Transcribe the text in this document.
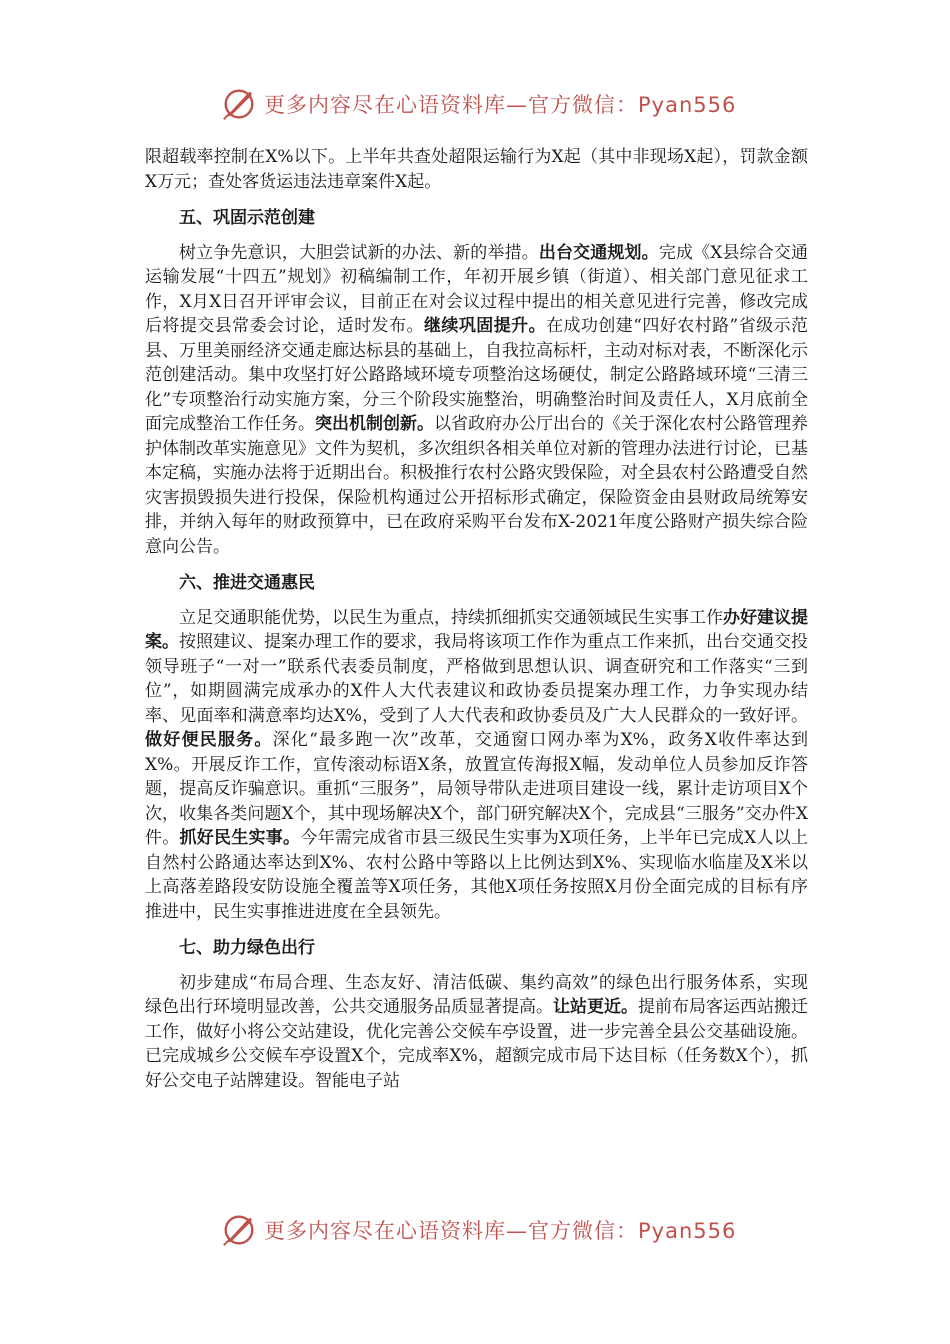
更多内容尽在心语资料库—官方微信：Pyan556

限超载率控制在X%以下。上半年共查处超限运输行为X起（其中非现场X起），罚款金额X万元；查处客货运违法违章案件X起。

五、巩固示范创建

树立争先意识，大胆尝试新的办法、新的举措。出台交通规划。完成《X县综合交通运输发展“十四五”规划》初稿编制工作，年初开展乡镇（街道）、相关部门意见征求工作，X月X日召开评审会议，目前正在对会议过程中提出的相关意见进行完善，修改完成后将提交县常委会讨论，适时发布。继续巩固提升。在成功创建“四好农村路”省级示范县、万里美丽经济交通走廊达标县的基础上，自我拉高标杆，主动对标对表，不断深化示范创建活动。集中攻坚打好公路路域环境专项整治这场硬仗，制定公路路域环境“三清三化”专项整治行动实施方案，分三个阶段实施整治，明确整治时间及责任人，X月底前全面完成整治工作任务。突出机制创新。以省政府办公厅出台的《关于深化农村公路管理养护体制改革实施意见》文件为契机，多次组织各相关单位对新的管理办法进行讨论，已基本定稿，实施办法将于近期出台。积极推行农村公路灾毁保险，对全县农村公路遭受自然灾害损毁损失进行投保，保险机构通过公开招标形式确定，保险资金由县财政局统筹安排，并纳入每年的财政预算中，已在政府采购平台发布X-2021年度公路财产损失综合险意向公告。

六、推进交通惠民

立足交通职能优势，以民生为重点，持续抓细抓实交通领域民生实事工作办好建议提案。按照建议、提案办理工作的要求，我局将该项工作作为重点工作来抓，出台交通交投领导班子“一对一”联系代表委员制度，严格做到思想认识、调查研究和工作落实“三到位”，如期圆满完成承办的X件人大代表建议和政协委员提案办理工作，力争实现办结率、见面率和满意率均达X%，受到了人大代表和政协委员及广大人民群众的一致好评。做好便民服务。深化“最多跑一次”改革，交通窗口网办率为X%，政务X收件率达到X%。开展反诈工作，宣传滚动标语X条，放置宣传海报X幅，发动单位人员参加反诈答题，提高反诈骗意识。重抓“三服务”，局领导带队走进项目建设一线，累计走访项目X个次，收集各类问题X个，其中现场解决X个，部门研究解决X个，完成县“三服务”交办件X件。抓好民生实事。今年需完成省市县三级民生实事为X项任务，上半年已完成X人以上自然村公路通达率达到X%、农村公路中等路以上比例达到X%、实现临水临崖及X米以上高落差路段安防设施全覆盖等X项任务，其他X项任务按照X月份全面完成的目标有序推进中，民生实事推进进度在全县领先。

七、助力绿色出行

初步建成“布局合理、生态友好、清洁低碳、集约高效”的绿色出行服务体系，实现绿色出行环境明显改善，公共交通服务品质显著提高。让站更近。提前布局客运西站搬迁工作，做好小将公交站建设，优化完善公交候车亭设置，进一步完善全县公交基础设施。已完成城乡公交候车亭设置X个，完成率X%，超额完成市局下达目标（任务数X个），抓好公交电子站牌建设。智能电子站

更多内容尽在心语资料库—官方微信：Pyan556
